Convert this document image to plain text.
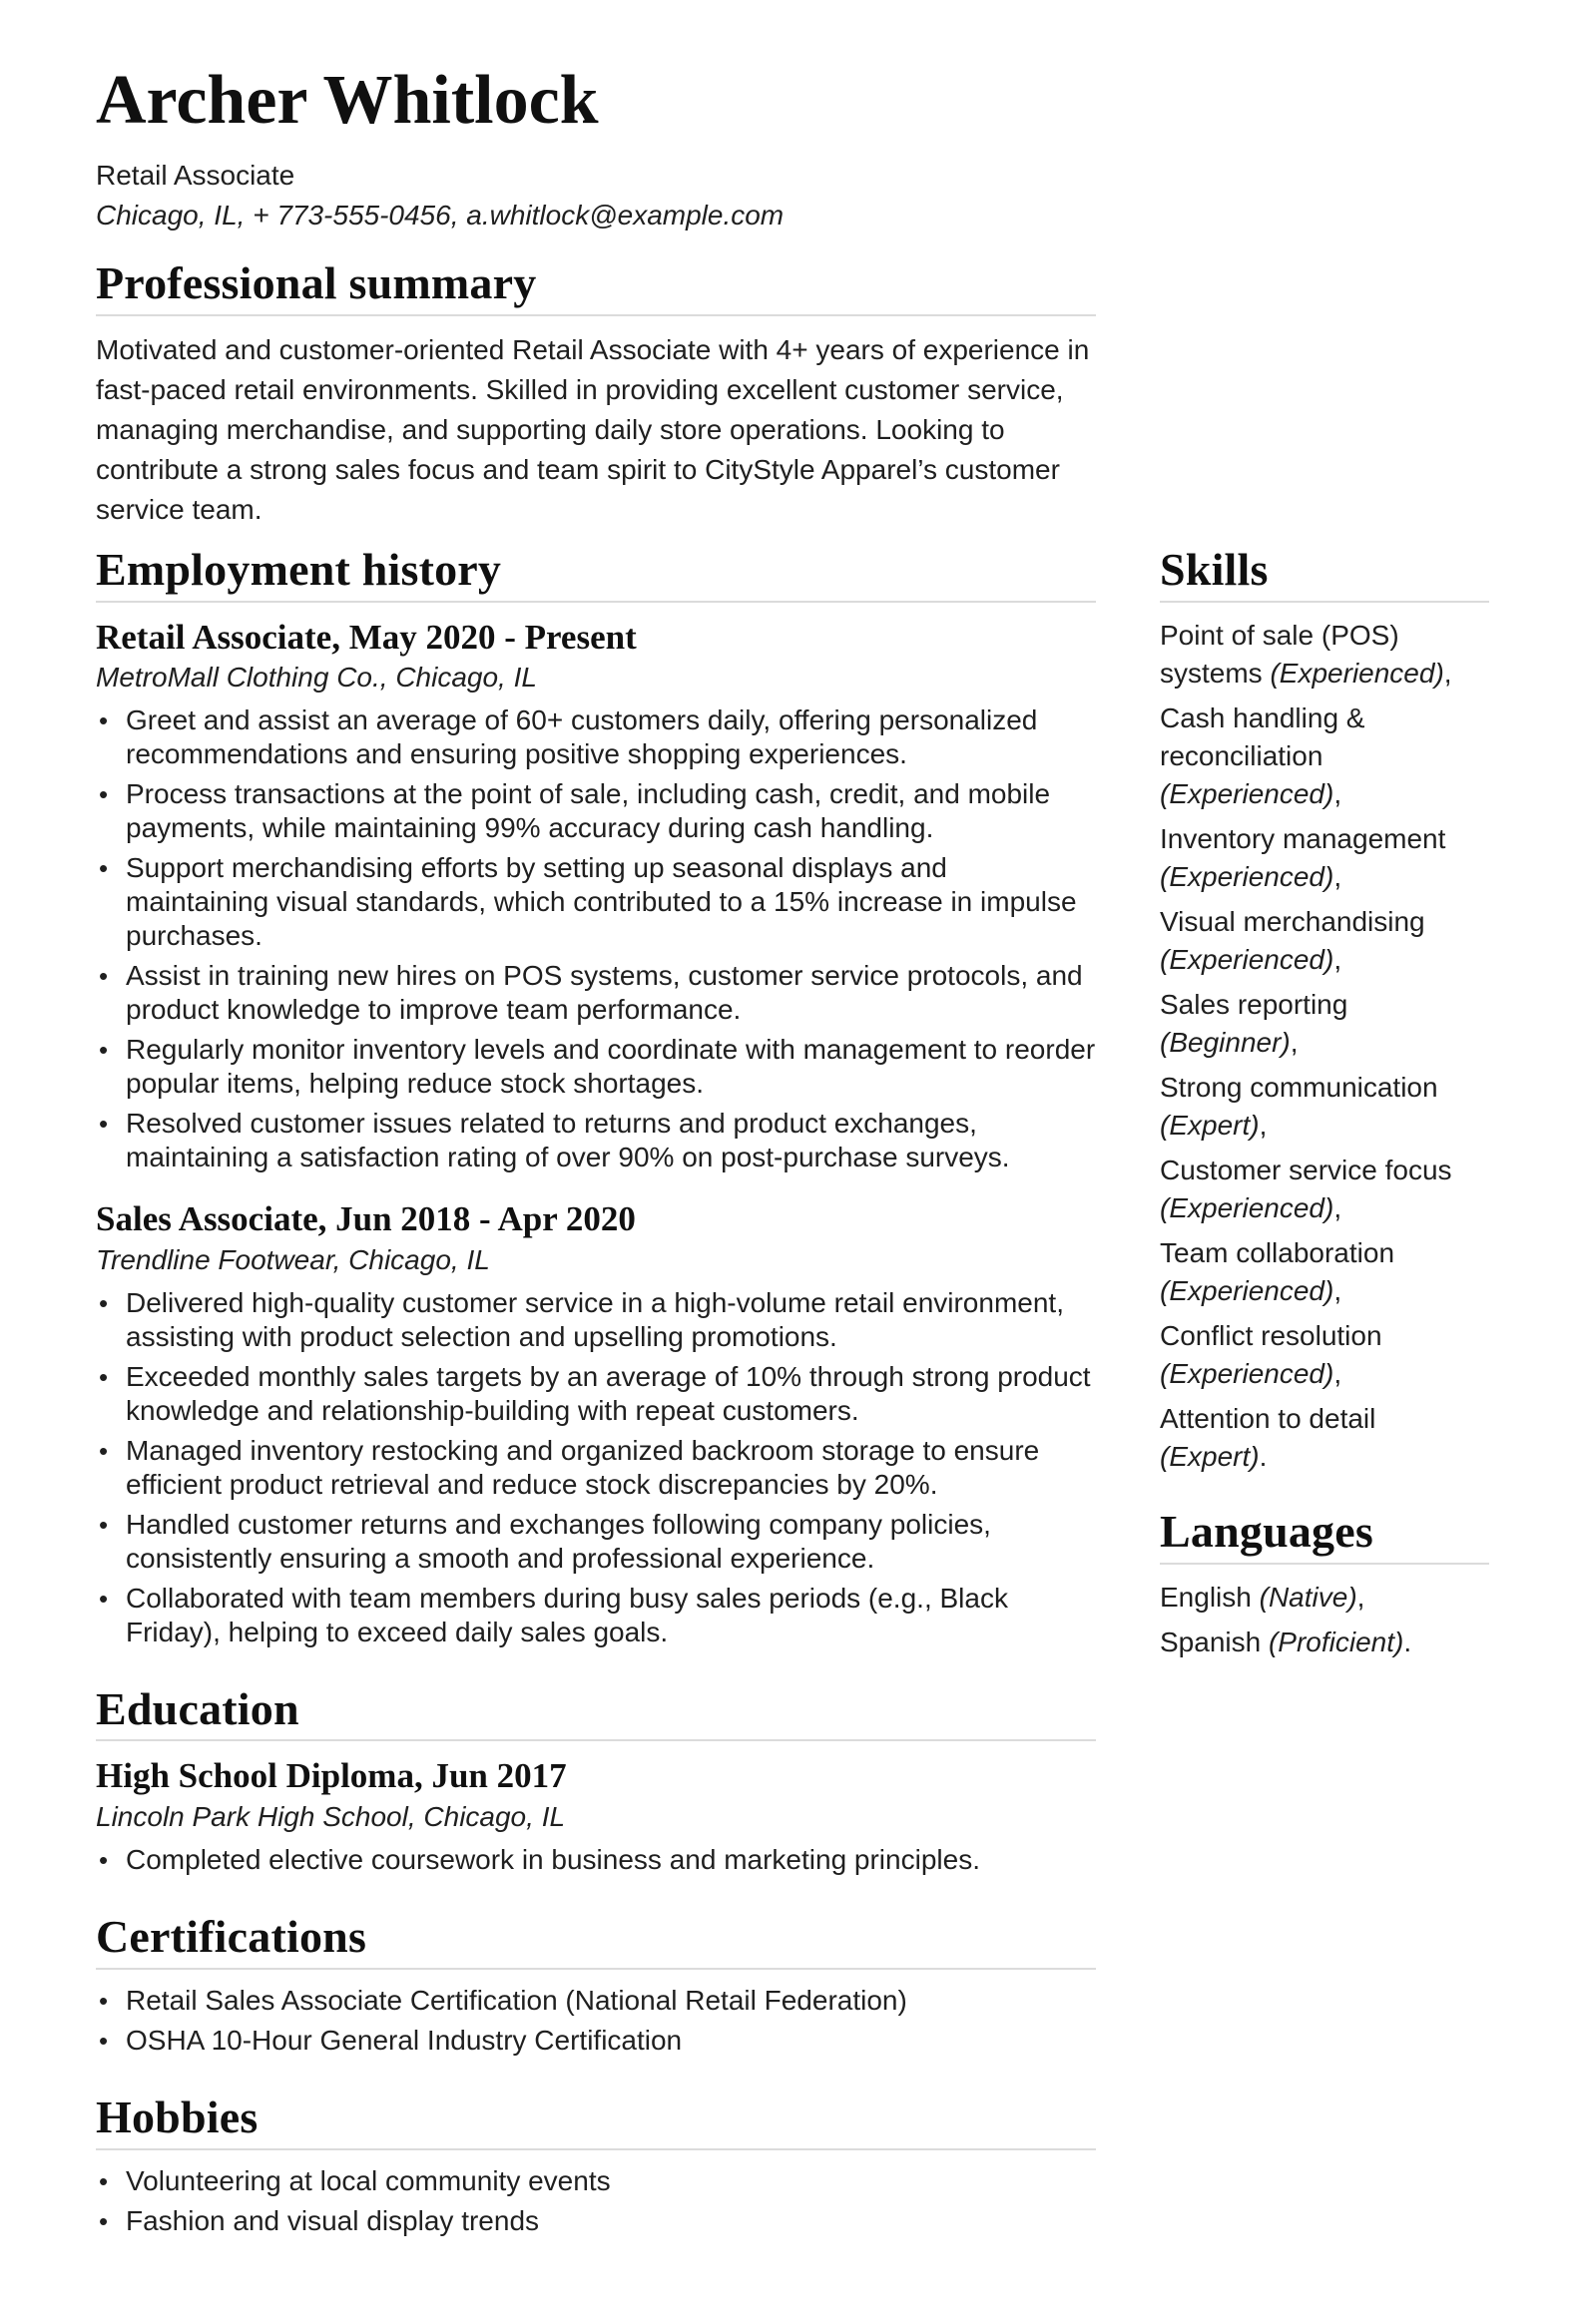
Archer Whitlock
Retail Associate
Chicago, IL, + 773-555-0456, a.whitlock@example.com
Professional summary

Motivated and customer-oriented Retail Associate with 4+ years of experience in fast-paced retail environments. Skilled in providing excellent customer service, managing merchandise, and supporting daily store operations. Looking to contribute a strong sales focus and team spirit to CityStyle Apparel’s customer service team.

Employment history
Retail Associate, May 2020 - Present

MetroMall Clothing Co., Chicago, IL

• Greet and assist an average of 60+ customers daily, offering personalized recommendations and ensuring positive shopping experiences.
• Process transactions at the point of sale, including cash, credit, and mobile payments, while maintaining 99% accuracy during cash handling.
• Support merchandising efforts by setting up seasonal displays and maintaining visual standards, which contributed to a 15% increase in impulse purchases.
• Assist in training new hires on POS systems, customer service protocols, and product knowledge to improve team performance.
• Regularly monitor inventory levels and coordinate with management to reorder popular items, helping reduce stock shortages.
• Resolved customer issues related to returns and product exchanges, maintaining a satisfaction rating of over 90% on post-purchase surveys.
Sales Associate, Jun 2018 - Apr 2020

Trendline Footwear, Chicago, IL

• Delivered high-quality customer service in a high-volume retail environment, assisting with product selection and upselling promotions.
• Exceeded monthly sales targets by an average of 10% through strong product knowledge and relationship-building with repeat customers.
• Managed inventory restocking and organized backroom storage to ensure efficient product retrieval and reduce stock discrepancies by 20%.
• Handled customer returns and exchanges following company policies, consistently ensuring a smooth and professional experience.
• Collaborated with team members during busy sales periods (e.g., Black Friday), helping to exceed daily sales goals.
Education
High School Diploma, Jun 2017

Lincoln Park High School, Chicago, IL

• Completed elective coursework in business and marketing principles.
Certifications
• Retail Sales Associate Certification (National Retail Federation)
• OSHA 10-Hour General Industry Certification
Hobbies
• Volunteering at local community events
• Fashion and visual display trends
Skills
Point of sale (POS) systems (Experienced),
Cash handling & reconciliation (Experienced),
Inventory management (Experienced),
Visual merchandising (Experienced),
Sales reporting (Beginner),
Strong communication (Expert),
Customer service focus (Experienced),
Team collaboration (Experienced),
Conflict resolution (Experienced),
Attention to detail (Expert).
Languages
English (Native),
Spanish (Proficient).
